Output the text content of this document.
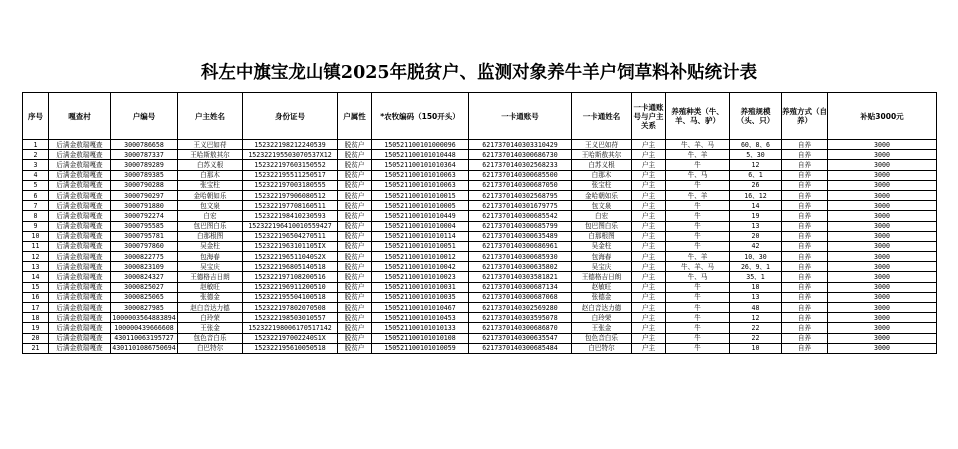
科左中旗宝龙山镇2025年脱贫户、监测对象养牛羊户饲草料补贴统计表
序号	嘎查村	户编号	户主姓名	身份证号	户属性	*农牧编码（150开头）	一卡通账号	一卡通姓名	一卡通账号与户主关系	养殖种类（牛、羊、马、驴）	养殖规模（头、只）	养殖方式（自养）	补贴3000元
1	后满金敖瑞嘎查	3000786658	王义巴如苻	152322198212240539	脱贫户	150521100101000096	6217370140303310429	王义巴如苻	户主	牛、羊、马	60、8、6	自养	3000
2	后满金敖瑞嘎查	3000787337	王哈斯敖其尔	152322195503070537X12	脱贫户	150521100101010448	6217370140300686730	王哈斯敖其尔	户主	牛、羊	5、30	自养	3000
3	后满金敖瑞嘎查	3000789289	白苏义根	152322197603150552	脱贫户	150521100101010364	6217370140302568233	白苏义根	户主	牛	12	自养	3000
4	后满金敖瑞嘎查	3000789385	白那木	152322195511250517	脱贫户	150521100101010063	6217370140300685500	白那木	户主	牛、马	6、1	自养	3000
5	后满金敖瑞嘎查	3000790288	张宝柱	152322197003180555	脱贫户	150521100101010063	6217370140300687050	张宝柱	户主	牛	26	自养	3000
6	后满金敖瑞嘎查	3000790297	金哈朝如乐	152322197906080512	脱贫户	150521100101010015	6217370140302568795	金哈朝如乐	户主	牛、羊	16、12	自养	3000
7	后满金敖瑞嘎查	3000791880	包文泉	152322197708160511	脱贫户	150521100101010005	6217370140301679775	包文泉	户主	牛	14	自养	3000
8	后满金敖瑞嘎查	3000792274	白宏	152322198410230593	脱贫户	150521100101010449	6217370140300685542	白宏	户主	牛	19	自养	3000
9	后满金敖瑞嘎查	3000795585	包巴图白乐	152322196410010559427	脱贫户	150521100101010004	6217370140300685799	包巴图白乐	户主	牛	13	自养	3000
10	后满金敖瑞嘎查	3000795781	白那根图	152322196504270511	脱贫户	150521100101010114	6217370140300635489	白那根图	户主	牛	20	自养	3000
11	后满金敖瑞嘎查	3000797860	吴金柱	1523221963101105IX	脱贫户	150521100101010051	6217370140300686961	吴金柱	户主	牛	42	自养	3000
12	后满金敖瑞嘎查	3000822775	包海春	152322196511040S2X	脱贫户	150521100101010012	6217370140300685930	包海春	户主	牛、羊	10、30	自养	3000
13	后满金敖瑞嘎查	3000823109	吴宝庆	152322196805140518	脱贫户	150521100101010042	6217370140300635802	吴宝庆	户主	牛、羊、马	26、9、1	自养	3000
14	后满金敖瑞嘎查	3000824327	王德格吉日朗	152322197108200516	脱贫户	150521100101010023	6217370140303581821	王德格吉日朗	户主	牛、马	35、1	自养	3000
15	后满金敖瑞嘎查	3000825027	赵敏旺	152322196911200510	脱贫户	150521100101010031	6217370140300687134	赵敏旺	户主	牛	18	自养	3000
16	后满金敖瑞嘎查	3000825065	张德金	152322195504100518	脱贫户	150521100101010035	6217370140300687068	张德金	户主	牛	13	自养	3000
17	后满金敖瑞嘎查	3000827985	赵白音达力德	152322197802070508	脱贫户	150521100101010467	6217370140302569280	赵白音达力德	户主	牛	48	自养	3000
18	后满金敖瑞嘎查	1000003564883894	白玲荣	152322198503010557	脱贫户	150521100101010453	6217370140303595078	白玲荣	户主	牛	12	自养	3000
19	后满金敖瑞嘎查	100000439666608	王张金	152322198006170517142	脱贫户	150521100101010133	6217370140300686870	王张金	户主	牛	22	自养	3000
20	后满金敖瑞嘎查	430110063195727	包色音白乐	152322197002240S1X	脱贫户	150521100101010108	6217370140300635547	包色音白乐	户主	牛	22	自养	3000
21	后满金敖瑞嘎查	4301101086750694	白巴特尔	152322195610050518	脱贫户	150521100101010059	6217370140300685484	白巴特尔	户主	牛	10	自养	3000
